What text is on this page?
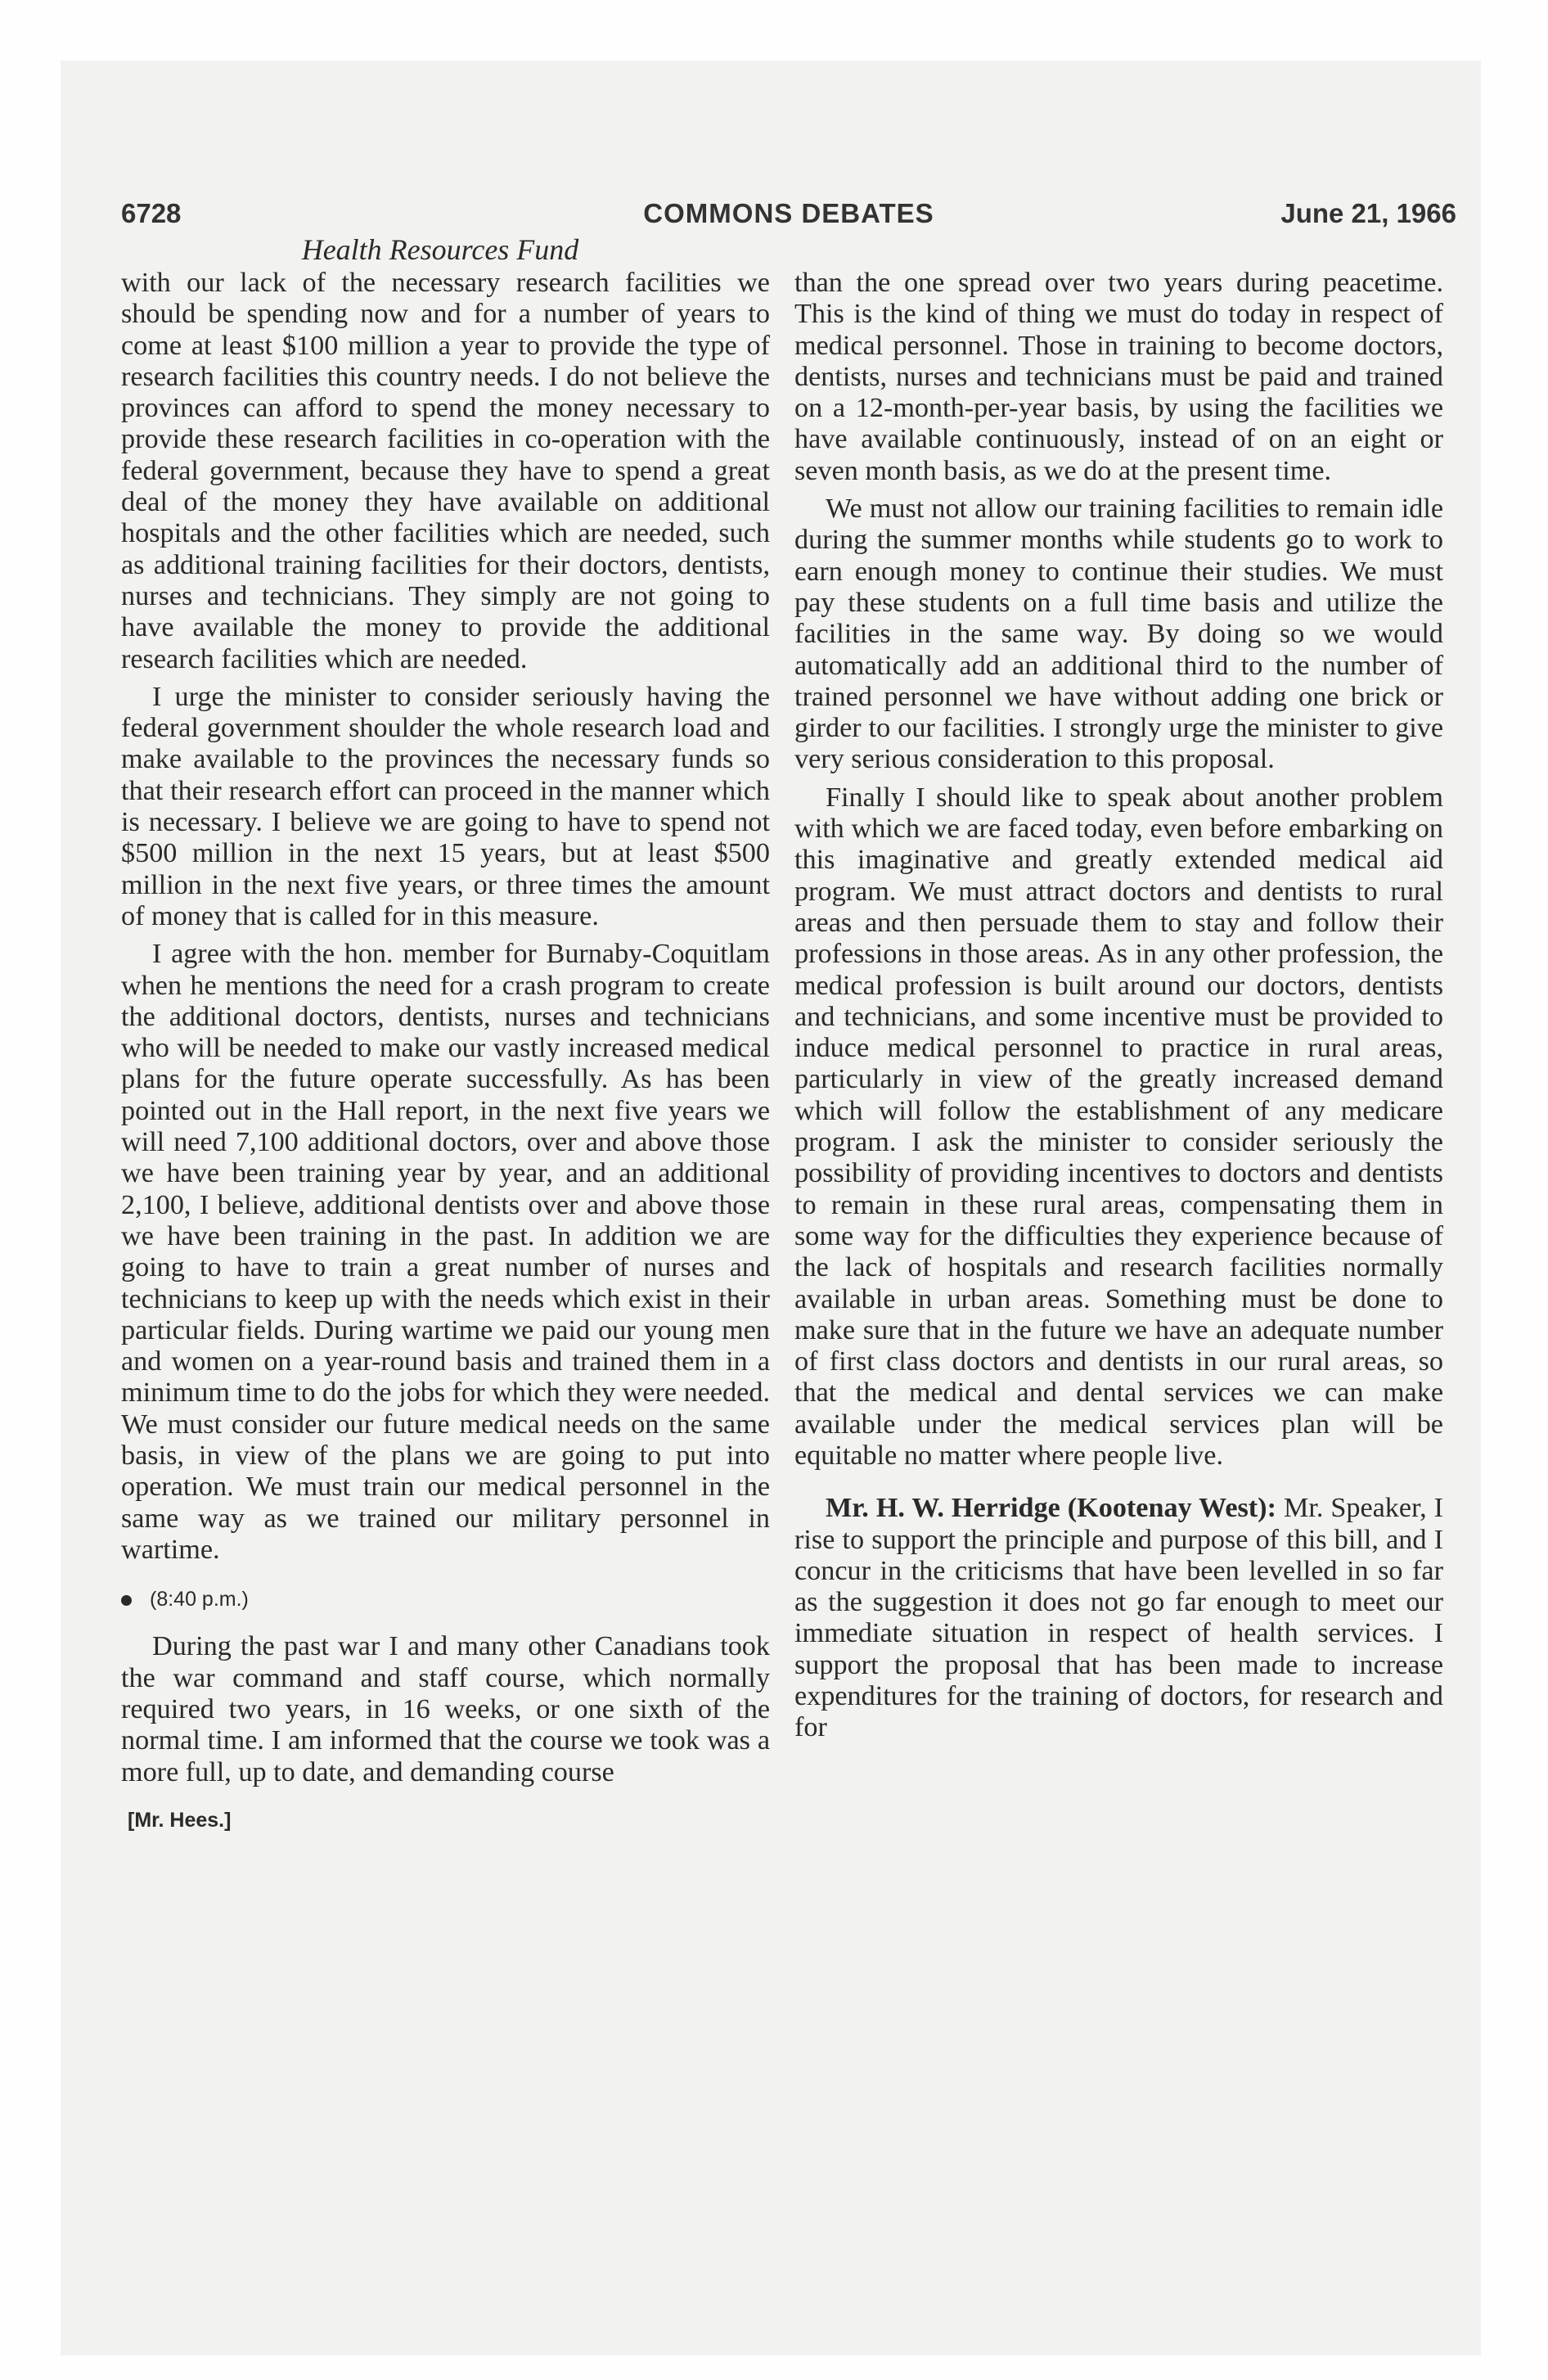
6728	COMMONS DEBATES	June 21, 1966
Health Resources Fund

with our lack of the necessary research facilities we should be spending now and for a number of years to come at least $100 million a year to provide the type of research facilities this country needs. I do not believe the provinces can afford to spend the money necessary to provide these research facilities in co-operation with the federal government, because they have to spend a great deal of the money they have available on additional hospitals and the other facilities which are needed, such as additional training facilities for their doctors, dentists, nurses and technicians. They simply are not going to have available the money to provide the additional research facilities which are needed.

I urge the minister to consider seriously having the federal government shoulder the whole research load and make available to the provinces the necessary funds so that their research effort can proceed in the manner which is necessary. I believe we are going to have to spend not $500 million in the next 15 years, but at least $500 million in the next five years, or three times the amount of money that is called for in this measure.

I agree with the hon. member for Burnaby-Coquitlam when he mentions the need for a crash program to create the additional doctors, dentists, nurses and technicians who will be needed to make our vastly increased medical plans for the future operate successfully. As has been pointed out in the Hall report, in the next five years we will need 7,100 additional doctors, over and above those we have been training year by year, and an additional 2,100, I believe, additional dentists over and above those we have been training in the past. In addition we are going to have to train a great number of nurses and technicians to keep up with the needs which exist in their particular fields. During wartime we paid our young men and women on a year-round basis and trained them in a minimum time to do the jobs for which they were needed. We must consider our future medical needs on the same basis, in view of the plans we are going to put into operation. We must train our medical personnel in the same way as we trained our military personnel in wartime.

(8:40 p.m.)

During the past war I and many other Canadians took the war command and staff course, which normally required two years, in 16 weeks, or one sixth of the normal time. I am informed that the course we took was a more full, up to date, and demanding course

[Mr. Hees.]

than the one spread over two years during peacetime. This is the kind of thing we must do today in respect of medical personnel. Those in training to become doctors, dentists, nurses and technicians must be paid and trained on a 12-month-per-year basis, by using the facilities we have available continuously, instead of on an eight or seven month basis, as we do at the present time.

We must not allow our training facilities to remain idle during the summer months while students go to work to earn enough money to continue their studies. We must pay these students on a full time basis and utilize the facilities in the same way. By doing so we would automatically add an additional third to the number of trained personnel we have without adding one brick or girder to our facilities. I strongly urge the minister to give very serious consideration to this proposal.

Finally I should like to speak about another problem with which we are faced today, even before embarking on this imaginative and greatly extended medical aid program. We must attract doctors and dentists to rural areas and then persuade them to stay and follow their professions in those areas. As in any other profession, the medical profession is built around our doctors, dentists and technicians, and some incentive must be provided to induce medical personnel to practice in rural areas, particularly in view of the greatly increased demand which will follow the establishment of any medicare program. I ask the minister to consider seriously the possibility of providing incentives to doctors and dentists to remain in these rural areas, compensating them in some way for the difficulties they experience because of the lack of hospitals and research facilities normally available in urban areas. Something must be done to make sure that in the future we have an adequate number of first class doctors and dentists in our rural areas, so that the medical and dental services we can make available under the medical services plan will be equitable no matter where people live.

Mr. H. W. Herridge (Kootenay West): Mr. Speaker, I rise to support the principle and purpose of this bill, and I concur in the criticisms that have been levelled in so far as the suggestion it does not go far enough to meet our immediate situation in respect of health services. I support the proposal that has been made to increase expenditures for the training of doctors, for research and for
